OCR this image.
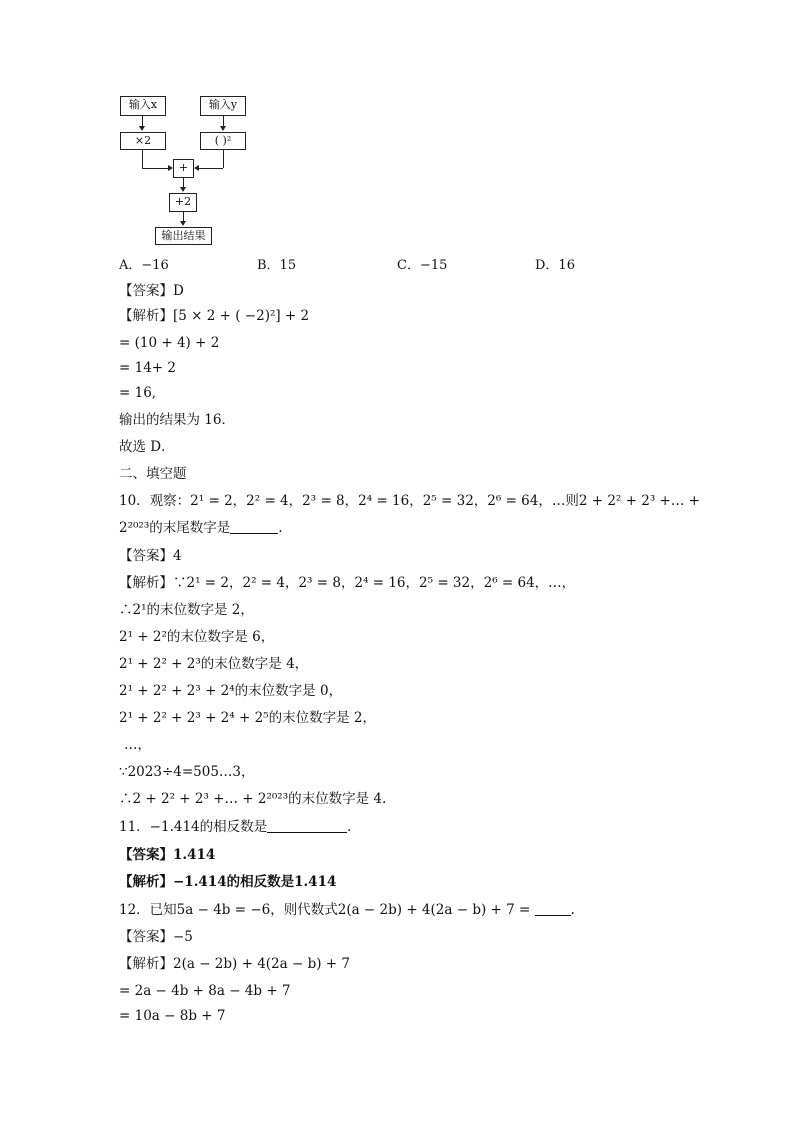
输入x	输入y
×2	( )²
+
+2
输出结果
A．−16	B．15	C．−15	D．16
【答案】D
【解析】[5 × 2 + ( −2)²] + 2
= (10 + 4) + 2
= 14+ 2
= 16,
输出的结果为 16．
故选 D．
二、填空题
10．观察：2¹ = 2，2² = 4，2³ = 8，2⁴ = 16，2⁵ = 32，2⁶ = 64，…则2 + 2² + 2³ +… +
2²⁰²³的末尾数字是	.
【答案】4
【解析】∵2¹ = 2，2² = 4，2³ = 8，2⁴ = 16，2⁵ = 32，2⁶ = 64，…，
∴2¹的末位数字是 2，
2¹ + 2²的末位数字是 6，
2¹ + 2² + 2³的末位数字是 4，
2¹ + 2² + 2³ + 2⁴的末位数字是 0，
2¹ + 2² + 2³ + 2⁴ + 2⁵的末位数字是 2，
…，
∵2023÷4=505…3，
∴2 + 2² + 2³ +… + 2²⁰²³的末位数字是 4.
11．−1.414的相反数是	.
【答案】1.414
【解析】−1.414的相反数是1.414
12．已知5a − 4b = −6，则代数式2(a − 2b) + 4(2a − b) + 7 =	.
【答案】−5
【解析】2(a − 2b) + 4(2a − b) + 7
= 2a − 4b + 8a − 4b + 7
= 10a − 8b + 7
